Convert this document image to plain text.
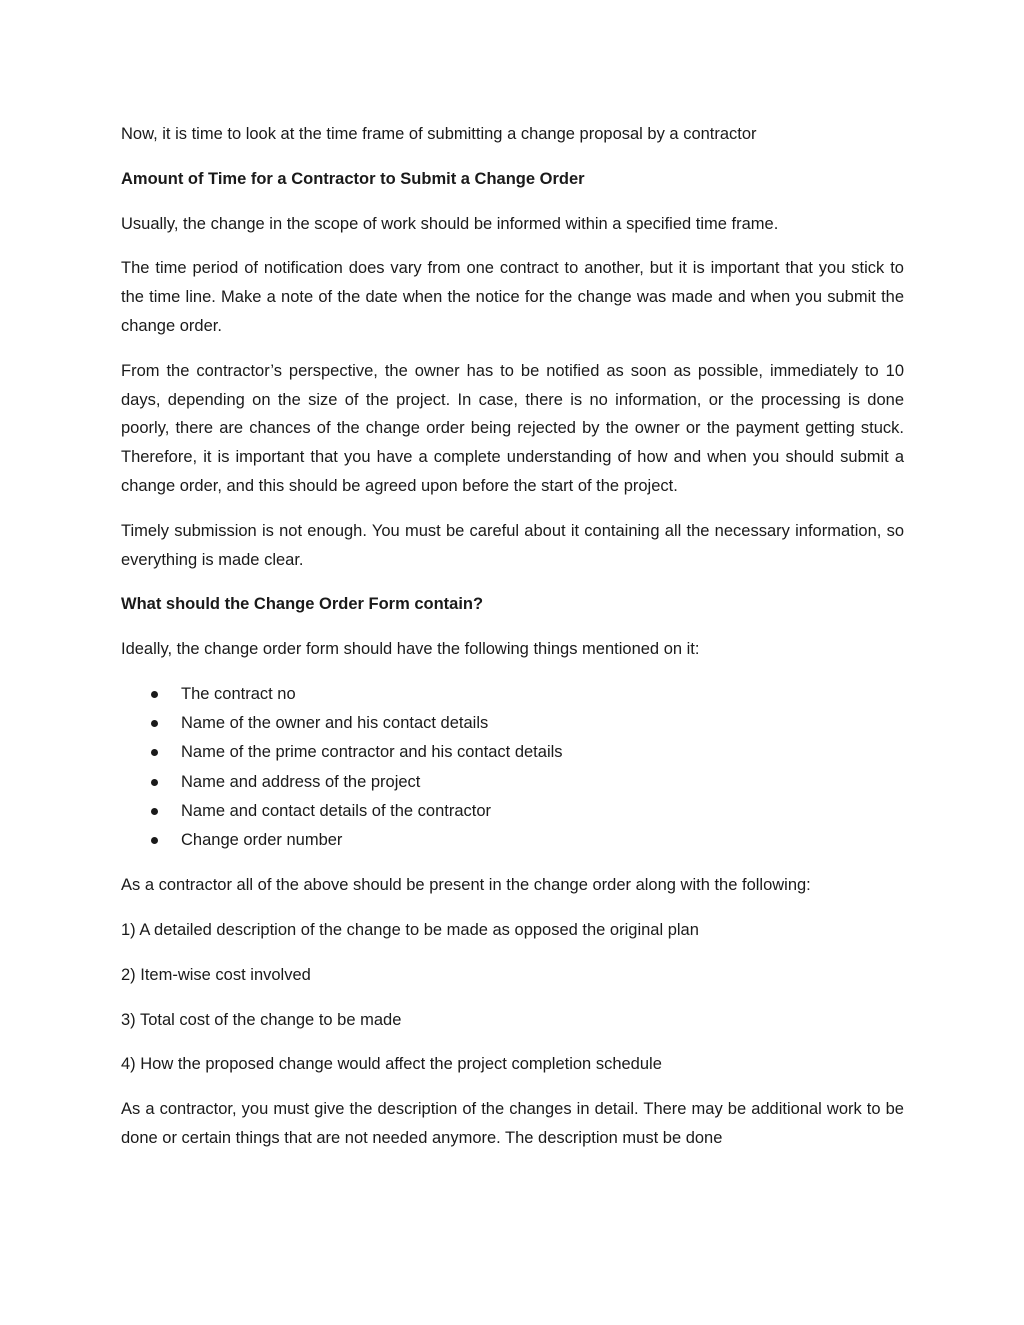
Now, it is time to look at the time frame of submitting a change proposal by a contractor

Amount of Time for a Contractor to Submit a Change Order

Usually, the change in the scope of work should be informed within a specified time frame.

The time period of notification does vary from one contract to another, but it is important that you stick to the time line. Make a note of the date when the notice for the change was made and when you submit the change order.

From the contractor’s perspective, the owner has to be notified as soon as possible, immediately to 10 days, depending on the size of the project. In case, there is no information, or the processing is done poorly, there are chances of the change order being rejected by the owner or the payment getting stuck. Therefore, it is important that you have a complete understanding of how and when you should submit a change order, and this should be agreed upon before the start of the project.

Timely submission is not enough. You must be careful about it containing all the necessary information, so everything is made clear.

What should the Change Order Form contain?

Ideally, the change order form should have the following things mentioned on it:

The contract no
Name of the owner and his contact details
Name of the prime contractor and his contact details
Name and address of the project
Name and contact details of the contractor
Change order number

As a contractor all of the above should be present in the change order along with the following:

1) A detailed description of the change to be made as opposed the original plan

2) Item-wise cost involved

3) Total cost of the change to be made

4) How the proposed change would affect the project completion schedule

As a contractor, you must give the description of the changes in detail. There may be additional work to be done or certain things that are not needed anymore. The description must be done
